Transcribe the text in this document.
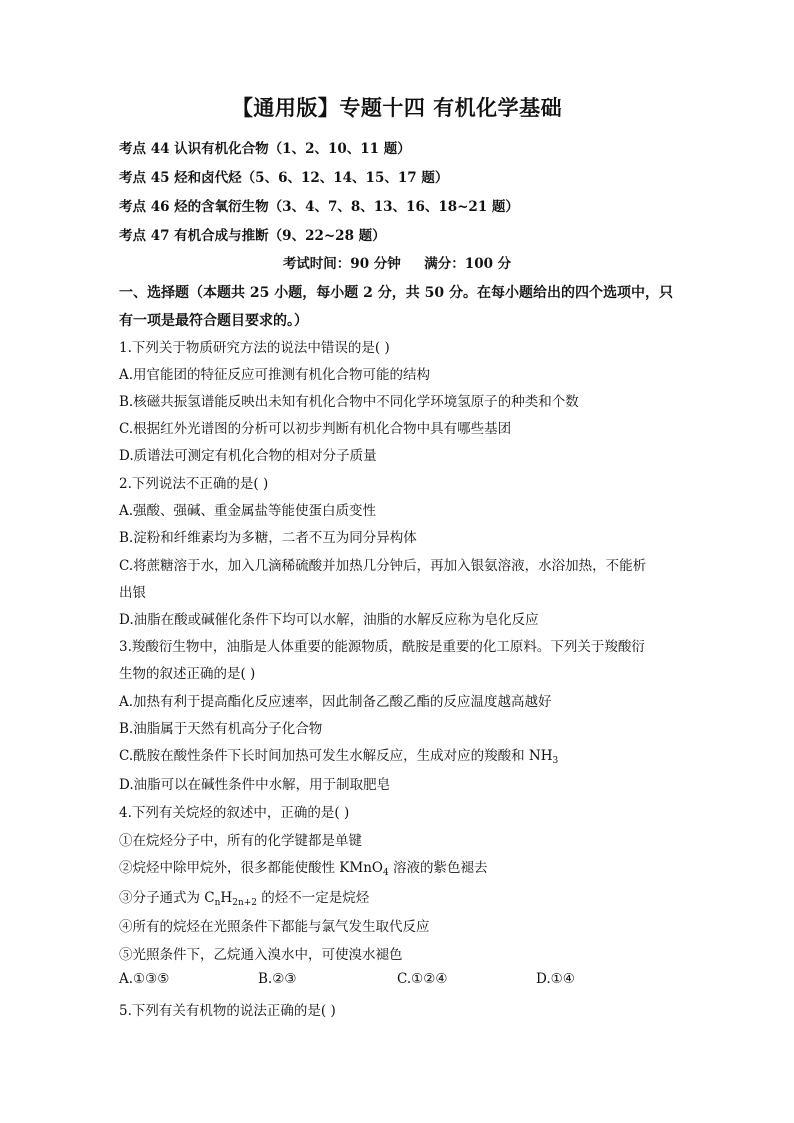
【通用版】专题十四 有机化学基础
考点 44 认识有机化合物（1、2、10、11 题）
考点 45 烃和卤代烃（5、6、12、14、15、17 题）
考点 46 烃的含氧衍生物（3、4、7、8、13、16、18~21 题）
考点 47 有机合成与推断（9、22~28 题）
考试时间：90 分钟     满分：100 分
一、选择题（本题共 25 小题，每小题 2 分，共 50 分。在每小题给出的四个选项中，只有一项是最符合题目要求的。）
1.下列关于物质研究方法的说法中错误的是( )
A.用官能团的特征反应可推测有机化合物可能的结构
B.核磁共振氢谱能反映出未知有机化合物中不同化学环境氢原子的种类和个数
C.根据红外光谱图的分析可以初步判断有机化合物中具有哪些基团
D.质谱法可测定有机化合物的相对分子质量
2.下列说法不正确的是( )
A.强酸、强碱、重金属盐等能使蛋白质变性
B.淀粉和纤维素均为多糖，二者不互为同分异构体
C.将蔗糖溶于水，加入几滴稀硫酸并加热几分钟后，再加入银氨溶液，水浴加热，不能析
出银
D.油脂在酸或碱催化条件下均可以水解，油脂的水解反应称为皂化反应
3.羧酸衍生物中，油脂是人体重要的能源物质，酰胺是重要的化工原料。下列关于羧酸衍
生物的叙述正确的是( )
A.加热有利于提高酯化反应速率，因此制备乙酸乙酯的反应温度越高越好
B.油脂属于天然有机高分子化合物
C.酰胺在酸性条件下长时间加热可发生水解反应，生成对应的羧酸和 $NH_3$
D.油脂可以在碱性条件中水解，用于制取肥皂
4.下列有关烷烃的叙述中，正确的是( )
①在烷烃分子中，所有的化学键都是单键
②烷烃中除甲烷外，很多都能使酸性 KMnO$_4$ 溶液的紫色褪去
③分子通式为 $C_nH_{2n+2}$ 的烃不一定是烷烃
④所有的烷烃在光照条件下都能与氯气发生取代反应
⑤光照条件下，乙烷通入溴水中，可使溴水褪色
A.①③⑤	B.②③	C.①②④	D.①④
5.下列有关有机物的说法正确的是( )
